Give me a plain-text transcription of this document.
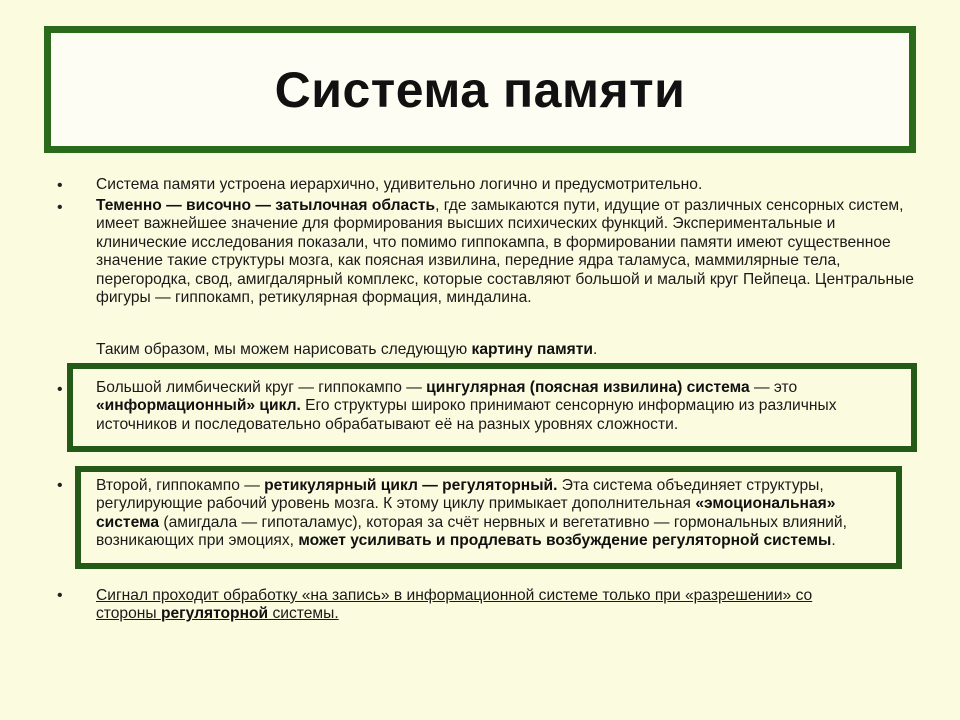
Система памяти
• Система памяти устроена иерархично, удивительно логично и предусмотрительно.
• Теменно — височно — затылочная область, где замыкаются пути, идущие от различных сенсорных систем, имеет важнейшее значение для формирования высших психических функций. Экспериментальные и клинические исследования показали, что помимо гиппокампа, в формировании памяти имеют существенное значение такие структуры мозга, как поясная извилина, передние ядра таламуса, маммилярные тела, перегородка, свод, амигдалярный комплекс, которые составляют большой и малый круг Пейпеца. Центральные фигуры — гиппокамп, ретикулярная формация, миндалина.
Таким образом, мы можем нарисовать следующую картину памяти.
• Большой лимбический круг — гиппокампо — цингулярная (поясная извилина) система — это «информационный» цикл. Его структуры широко принимают сенсорную информацию из различных источников и последовательно обрабатывают её на разных уровнях сложности.
• Второй, гиппокампо — ретикулярный цикл — регуляторный. Эта система объединяет структуры, регулирующие рабочий уровень мозга. К этому циклу примыкает дополнительная «эмоциональная» система (амигдала — гипоталамус), которая за счёт нервных и вегетативно — гормональных влияний, возникающих при эмоциях, может усиливать и продлевать возбуждение регуляторной системы.
• Сигнал проходит обработку «на запись» в информационной системе только при «разрешении» со стороны регуляторной системы.
